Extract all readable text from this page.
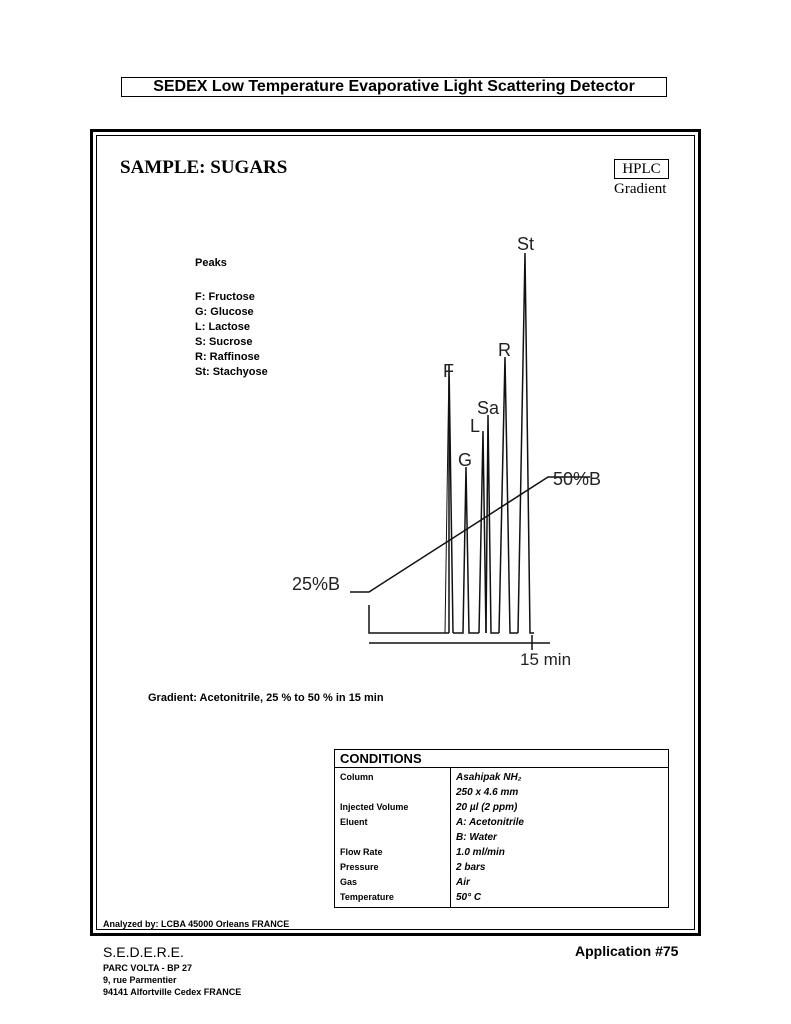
SEDEX Low Temperature Evaporative Light Scattering Detector
SAMPLE: SUGARS	HPLC
Gradient
Peaks
F: Fructose
G: Glucose
L: Lactose
S: Sucrose
R: Raffinose
St: Stachyose
St
R
F
Sa
L
G
50%B
25%B
15 min
Gradient: Acetonitrile, 25 % to 50 % in 15 min
CONDITIONS
Column
Injected Volume
Eluent
Flow Rate
Pressure
Gas
Temperature
Asahipak NH₂
250 x 4.6 mm
20 µl (2 ppm)
A: Acetonitrile
B: Water
1.0 ml/min
2 bars
Air
50° C
Analyzed by: LCBA 45000 Orleans FRANCE
S.E.D.E.R.E.
PARC VOLTA - BP 27
9, rue Parmentier
94141 Alfortville Cedex FRANCE
Application #75
